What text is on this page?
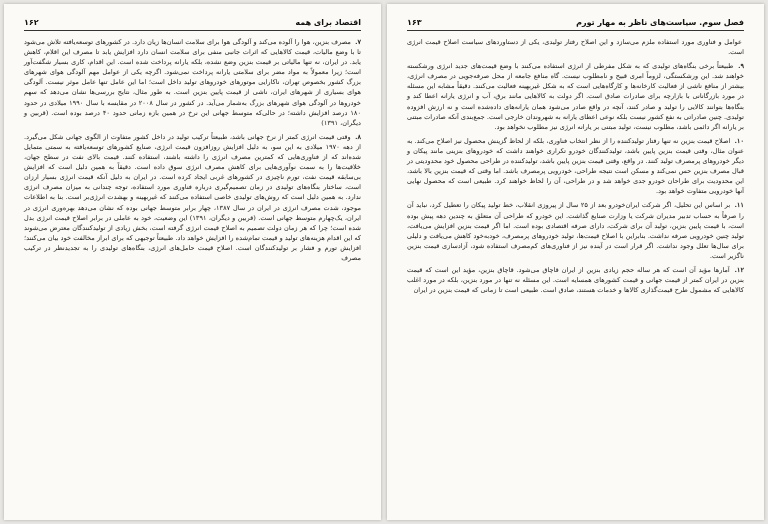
۱۶۲	اقتصاد برای همه

۷. مصرف بنزین، هوا را آلوده می‌کند و آلودگی هوا برای سلامت انسان‌ها زیان دارد. در کشورهای توسعه‌یافته تلاش می‌شود تا با وضع مالیات، قیمت کالاهایی که اثرات جانبی منفی برای سلامت انسان دارد افزایش یابد تا مصرف این اقلام، کاهش یابد. در ایران، نه تنها مالیاتی بر قیمت بنزین وضع نشده، بلکه یارانه پرداخت شده است. این اقدام، کاری بسیار شگفت‌آور است؛ زیرا معمولاً به مواد مضر برای سلامتی یارانه پرداخت نمی‌شود. اگرچه یکی از عوامل مهم آلودگی هوای شهرهای بزرگ کشور بخصوص تهران، ناکارایی موتورهای خودروهای تولید داخل است؛ اما این عامل تنها عامل موثر نیست. آلودگی هوای بسیاری از شهرهای ایران، ناشی از قیمت پایین بنزین است. به طور مثال، نتایج بررسی‌ها نشان می‌دهد که سهم خودروها در آلودگی هوای شهرهای بزرگ به‌شمار می‌آید. در کشور در سال ۲۰۰۸ در مقایسه با سال ۱۹۹۰ میلادی در حدود ۱۸۰ درصد افزایش داشته؛ در حالی‌که متوسط جهانی این نرخ در همین بازه زمانی حدود ۴۰ درصد بوده است. (قربین و دیگران، ۱۳۹۱)

۸. وقتی قیمت انرژی کمتر از نرخ جهانی باشد، طبیعتاً ترکیب تولید در داخل کشور متفاوت از الگوی جهانی شکل می‌گیرد. از دهه ۱۹۷۰ میلادی به این سو، به دلیل افزایش روزافزون قیمت انرژی، صنایع کشورهای توسعه‌یافته به سمتی متمایل شده‌اند که از فناوری‌هایی که کمترین مصرف انرژی را داشته باشند، استفاده کنند. قیمت بالای نفت در سطح جهان، خلاقیت‌ها را به سمت نوآوری‌هایی برای کاهش مصرف انرژی سوق داده است. دقیقاً به همین دلیل است که افزایش بی‌سابقه قیمت نفت، تورم ناچیزی در کشورهای غربی ایجاد کرده است. در ایران به دلیل آنکه قیمت انرژی بسیار ارزان است، ساختار بنگاه‌های تولیدی در زمان تصمیم‌گیری درباره فناوری مورد استفاده، توجه چندانی به میزان مصرف انرژی ندارد. به همین دلیل است که روش‌های تولیدی خاصی استفاده می‌کنند که غیربهینه و بهشدت انرژی‌بر است. بنا به اطلاعات موجود، شدت مصرف انرژی در ایران در سال ۱۳۸۷، چهار برابر متوسط جهانی بوده که نشان می‌دهد بهره‌وری انرژی در ایران، یک‌چهارم متوسط جهانی است. (قربین و دیگران، ۱۳۹۱) این وضعیت، خود به عاملی در برابر اصلاح قیمت انرژی بدل شده است؛ چرا که هر زمان دولت تصمیم به اصلاح قیمت انرژی گرفته است، بخش زیادی از تولیدکنندگان معترض می‌شوند که این اقدام هزینه‌های تولید و قیمت تمام‌شده را افزایش خواهد داد. طبیعتاً توجیهی که برای ابراز مخالفت خود بیان می‌کنند؛ افزایش تورم و فشار بر تولیدکنندگان است. اصلاح قیمت حامل‌های انرژی، بنگاه‌های تولیدی را به تجدیدنظر در ترکیب مصرف

فصل سوم. سیاست‌های ناظر به مهار تورم
۱۶۳

عوامل و فناوری مورد استفاده ملزم می‌سازد و این اصلاح رفتار تولیدی، یکی از دستاوردهای سیاست اصلاح قیمت انرژی است.

۹. طبیعتاً برخی بنگاه‌های تولیدی که به شکل مفرطی از انرژی استفاده می‌کنند با وضع قیمت‌های جدید انرژی ورشکسته خواهند شد. این ورشکستگی، لزوماً امری قبیح و نامطلوب نیست. گاه منافع جامعه از محل صرفه‌جویی در مصرف انرژی، بیشتر از منافع ناشی از فعالیت کارخانه‌ها و کارگاه‌هایی است که به شکل غیربهینه فعالیت می‌کنند. دقیقاً مشابه این مسئله در مورد بازرگانانی با بازارچه برای صادرات صادق است. اگر دولت به کالاهایی مانند برق، آب و انرژی یارانه اعطا کند و بنگاه‌ها بتوانند کالایی را تولید و صادر کنند، آنچه در واقع صادر می‌شود همان یارانه‌های داده‌شده است و نه ارزش افزوده تولیدی. چنین صادراتی به نفع کشور نیست بلکه نوعی اعطای یارانه به شهروندان خارجی است. جمع‌بندی آنکه صادرات مبتنی بر یارانه اگر دائمی باشد، مطلوب نیست، تولید مبتنی بر یارانه انرژی نیز مطلوب نخواهد بود.

۱۰. اصلاح قیمت بنزین نه تنها رفتار تولیدکننده را از نظر انتخاب فناوری، بلکه از لحاظ گزینش محصول نیز اصلاح می‌کند. به عنوان مثال، وقتی قیمت بنزین پایین باشد، تولیدکنندگان خودرو تکراری خواهند داشت که خودروهای بنزینی مانند پیکان و دیگر خودروهای پرمصرف تولید کنند. در واقع، وقتی قیمت بنزین پایین باشد، تولیدکننده در طراحی محصول خود محدودیتی در قبال مصرف بنزین حس نمی‌کند و مسکن است نتیجه طراحی، خودرویی پرمصرف باشد. اما وقتی که قیمت بنزین بالا باشد، این محدودیت برای طراحان خودرو جدی خواهد شد و در طراحی، آن را لحاظ خواهند کرد. طبیعی است که محصول نهایی آنها خودرویی متفاوت خواهد بود.

۱۱. بر اساس این تحلیل، اگر شرکت ایران‌خودرو بعد از ۲۵ سال از پیروزی انقلاب، خط تولید پیکان را تعطیل کرد، نباید آن را صرفاً به حساب تدبیر مدیران شرکت یا وزارت صنایع گذاشت. این خودرو که طراحی آن متعلق به چندین دهه پیش بوده است، با قیمت پایین بنزین، تولید آن برای شرکت، دارای صرفه اقتصادی بوده است. اما اگر قیمت بنزین افزایش می‌یافت، تولید چنین خودرویی صرفه نداشت. بنابراین با اصلاح قیمت‌ها، تولید خودروهای پرمصرف، خودبه‌خود کاهش می‌یافت و دلیلی برای سال‌ها تعلل وجود نداشت. اگر قرار است در آینده نیز از فناوری‌های کم‌مصرف استفاده شود، آزادسازی قیمت بنزین ناگزیر است.

۱۲. آمارها مؤید آن است که هر ساله حجم زیادی بنزین از ایران قاچاق می‌شود. قاچاق بنزین، مؤید این است که قیمت بنزین در ایران کمتر از قیمت جهانی و قیمت کشورهای همسایه است. این مسئله نه تنها در مورد بنزین، بلکه در مورد اغلب کالاهایی که مشمول طرح قیمت‌گذاری کالاها و خدمات هستند، صادق است. طبیعی است تا زمانی که قیمت بنزین در ایران
